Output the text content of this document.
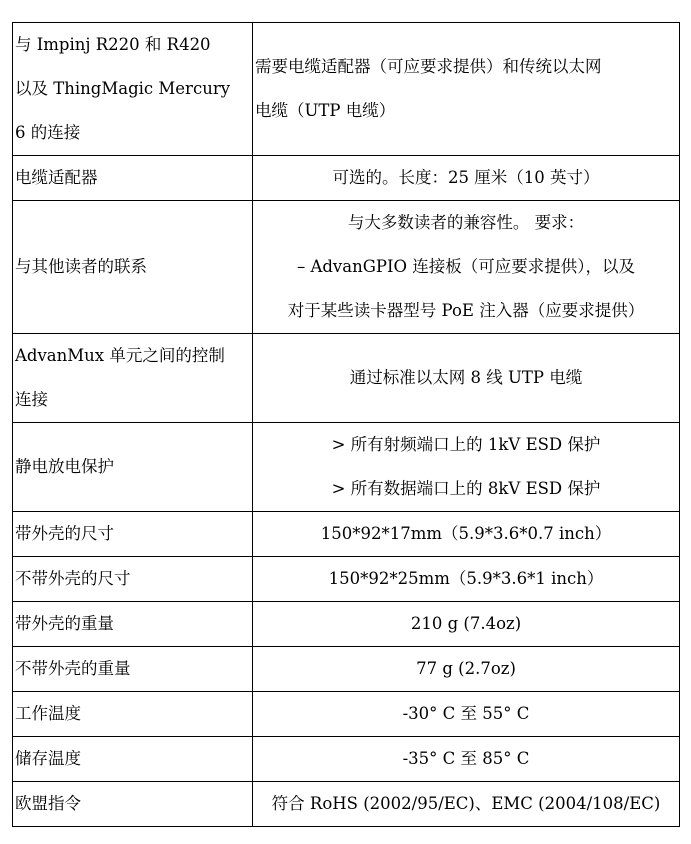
与 Impinj R220 和 R420
以及 ThingMagic Mercury
6 的连接	需要电缆适配器（可应要求提供）和传统以太网
电缆（UTP 电缆）

电缆适配器	可选的。长度：25 厘米（10 英寸）

与其他读者的联系	与大多数读者的兼容性。 要求：
– AdvanGPIO 连接板（可应要求提供），以及
对于某些读卡器型号 PoE 注入器（应要求提供）

AdvanMux 单元之间的控制
连接	通过标准以太网 8 线 UTP 电缆

静电放电保护	> 所有射频端口上的 1kV ESD 保护
> 所有数据端口上的 8kV ESD 保护

带外壳的尺寸	150*92*17mm（5.9*3.6*0.7 inch）

不带外壳的尺寸	150*92*25mm（5.9*3.6*1 inch）

带外壳的重量	210 g (7.4oz)

不带外壳的重量	77 g (2.7oz)

工作温度	-30° C 至 55° C

储存温度	-35° C 至 85° C

欧盟指令	符合 RoHS (2002/95/EC)、EMC (2004/108/EC)
